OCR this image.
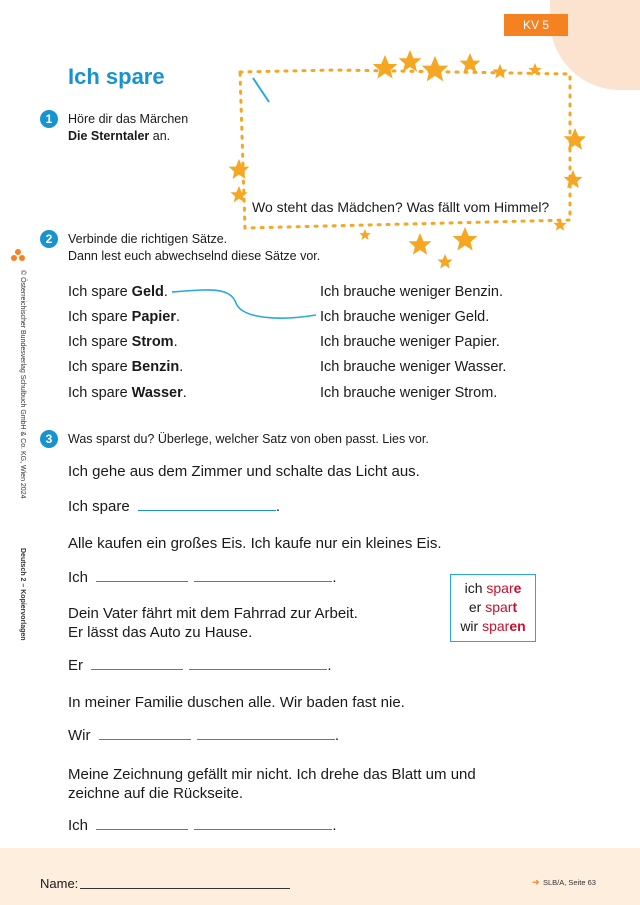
KV 5
Ich spare
© Österreichischer Bundesverlag Schulbuch GmbH & Co. KG, Wien 2024
Deutsch 2 – Kopiervorlagen
1	Höre dir das Märchen
Die Sterntaler an.
Wo steht das Mädchen? Was fällt vom Himmel?
2	Verbinde die richtigen Sätze.
Dann lest euch abwechselnd diese Sätze vor.
Ich spare Geld.
Ich spare Papier.
Ich spare Strom.
Ich spare Benzin.
Ich spare Wasser.
Ich brauche weniger Benzin.
Ich brauche weniger Geld.
Ich brauche weniger Papier.
Ich brauche weniger Wasser.
Ich brauche weniger Strom.
3	Was sparst du? Überlege, welcher Satz von oben passt. Lies vor.
Ich gehe aus dem Zimmer und schalte das Licht aus.
Ich spare	.
Alle kaufen ein großes Eis. Ich kaufe nur ein kleines Eis.
Ich	.
Dein Vater fährt mit dem Fahrrad zur Arbeit.
Er lässt das Auto zu Hause.
Er	.
In meiner Familie duschen alle. Wir baden fast nie.
Wir	.
Meine Zeichnung gefällt mir nicht. Ich drehe das Blatt um und
zeichne auf die Rückseite.
Ich	.
ich spare
er spart
wir sparen
Name:	➜ SLB/A, Seite 63
